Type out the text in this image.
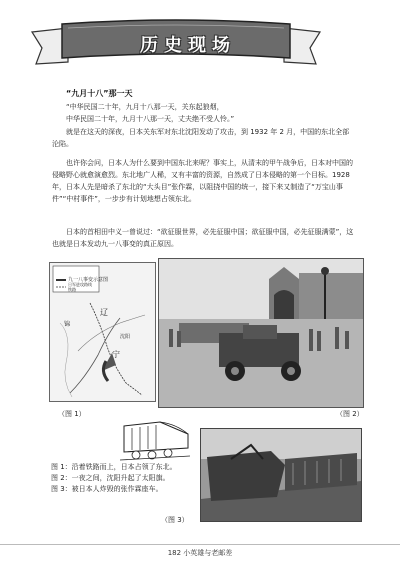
历史现场
“九月十八”那一天
“中华民国二十年，九月十八那一天，关东起狼烟，
中华民国二十年，九月十八那一天，丈夫绝不受人怜。”
就是在这天的深夜，日本关东军对东北沈阳发动了攻击，到 1932 年 2 月，中国的东北全部沦陷。
也许你会问，日本人为什么要到中国东北来呢？事实上，从清末的甲午战争后，日本对中国的侵略野心就愈演愈烈。东北地广人稀，又有丰富的资源，自然成了日本侵略的第一个目标。1928 年，日本人先是暗杀了东北的“大头目”张作霖，以阻挠中国的统一，接下来又制造了“万宝山事件”“中村事件”，一步步有计划地想占领东北。
日本的首相田中义一曾说过：“欲征服世界，必先征服中国；欲征服中国，必先征服满蒙”，这也就是日本发动九一八事变的真正原因。
九一八事变示意图
日军进攻路线
铁路
辽
宁
锦
沈阳
（图 1）	（图 2）
（图 3）
图 1：沿着铁路而上，日本占领了东北。
图 2：一夜之间，沈阳升起了太阳旗。
图 3：被日本人炸毁的张作霖座车。
182 小英雄与老邮差
